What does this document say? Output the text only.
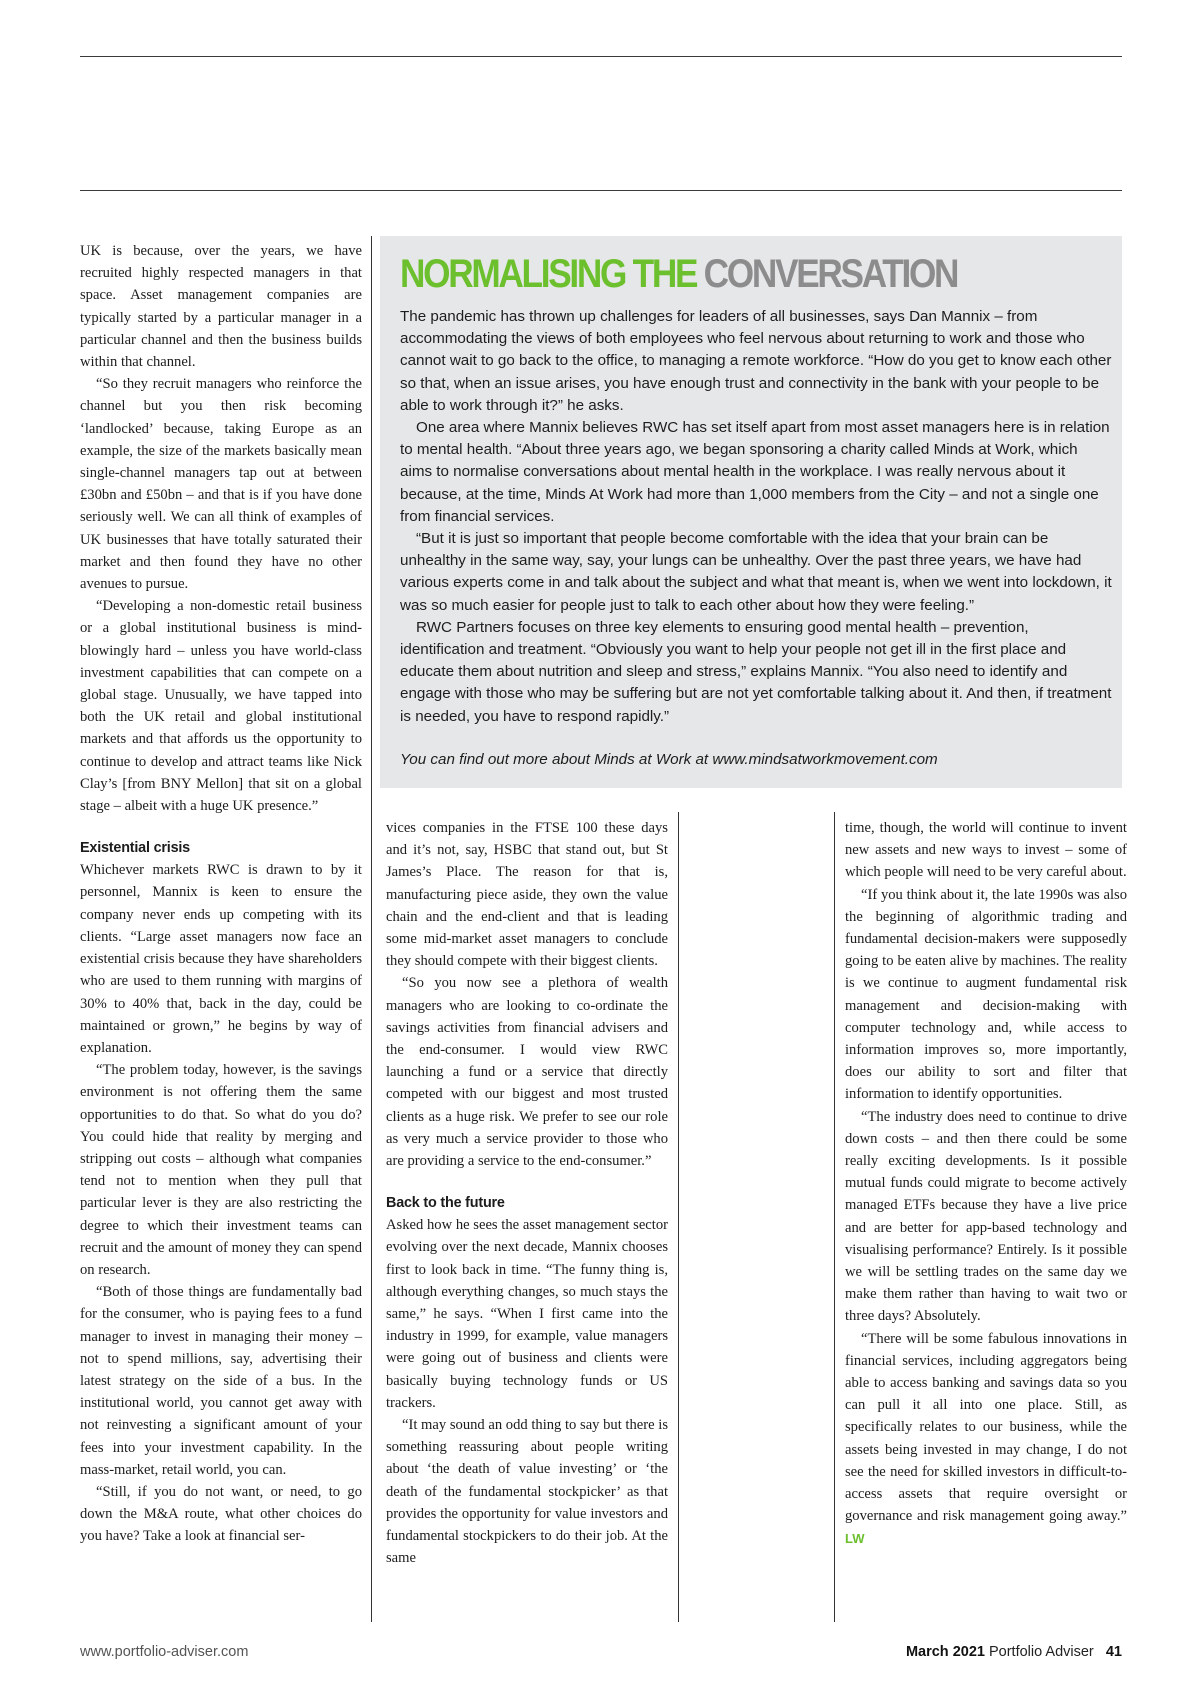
UK is because, over the years, we have recruited highly respected managers in that space. Asset management companies are typically started by a particular manager in a particular channel and then the business builds within that channel.

“So they recruit managers who reinforce the channel but you then risk becoming ‘landlocked’ because, taking Europe as an example, the size of the markets basically mean single-channel managers tap out at between £30bn and £50bn – and that is if you have done seriously well. We can all think of examples of UK businesses that have totally saturated their market and then found they have no other avenues to pursue.

“Developing a non-domestic retail business or a global institutional business is mind-blowingly hard – unless you have world-class investment capabilities that can compete on a global stage. Unusually, we have tapped into both the UK retail and global institutional markets and that affords us the opportunity to continue to develop and attract teams like Nick Clay’s [from BNY Mellon] that sit on a global stage – albeit with a huge UK presence.”

Existential crisis

Whichever markets RWC is drawn to by it personnel, Mannix is keen to ensure the company never ends up competing with its clients. “Large asset managers now face an existential crisis because they have shareholders who are used to them running with margins of 30% to 40% that, back in the day, could be maintained or grown,” he begins by way of explanation.

“The problem today, however, is the savings environment is not offering them the same opportunities to do that. So what do you do? You could hide that reality by merging and stripping out costs – although what companies tend not to mention when they pull that particular lever is they are also restricting the degree to which their investment teams can recruit and the amount of money they can spend on research.

“Both of those things are fundamentally bad for the consumer, who is paying fees to a fund manager to invest in managing their money – not to spend millions, say, advertising their latest strategy on the side of a bus. In the institutional world, you cannot get away with not reinvesting a significant amount of your fees into your investment capability. In the mass-market, retail world, you can.

“Still, if you do not want, or need, to go down the M&A route, what other choices do you have? Take a look at financial ser-

NORMALISING THE CONVERSATION

The pandemic has thrown up challenges for leaders of all businesses, says Dan Mannix – from accommodating the views of both employees who feel nervous about returning to work and those who cannot wait to go back to the office, to managing a remote workforce. “How do you get to know each other so that, when an issue arises, you have enough trust and connectivity in the bank with your people to be able to work through it?” he asks.

One area where Mannix believes RWC has set itself apart from most asset managers here is in relation to mental health. “About three years ago, we began sponsoring a charity called Minds at Work, which aims to normalise conversations about mental health in the workplace. I was really nervous about it because, at the time, Minds At Work had more than 1,000 members from the City – and not a single one from financial services.

“But it is just so important that people become comfortable with the idea that your brain can be unhealthy in the same way, say, your lungs can be unhealthy. Over the past three years, we have had various experts come in and talk about the subject and what that meant is, when we went into lockdown, it was so much easier for people just to talk to each other about how they were feeling.”

RWC Partners focuses on three key elements to ensuring good mental health – prevention, identification and treatment. “Obviously you want to help your people not get ill in the first place and educate them about nutrition and sleep and stress,” explains Mannix. “You also need to identify and engage with those who may be suffering but are not yet comfortable talking about it. And then, if treatment is needed, you have to respond rapidly.”

You can find out more about Minds at Work at www.mindsatworkmovement.com

vices companies in the FTSE 100 these days and it’s not, say, HSBC that stand out, but St James’s Place. The reason for that is, manufacturing piece aside, they own the value chain and the end-client and that is leading some mid-market asset managers to conclude they should compete with their biggest clients.

“So you now see a plethora of wealth managers who are looking to co-ordinate the savings activities from financial advisers and the end-consumer. I would view RWC launching a fund or a service that directly competed with our biggest and most trusted clients as a huge risk. We prefer to see our role as very much a service provider to those who are providing a service to the end-consumer.”

Back to the future

Asked how he sees the asset management sector evolving over the next decade, Mannix chooses first to look back in time. “The funny thing is, although everything changes, so much stays the same,” he says. “When I first came into the industry in 1999, for example, value managers were going out of business and clients were basically buying technology funds or US trackers.

“It may sound an odd thing to say but there is something reassuring about people writing about ‘the death of value investing’ or ‘the death of the fundamental stockpicker’ as that provides the opportunity for value investors and fundamental stockpickers to do their job. At the same

time, though, the world will continue to invent new assets and new ways to invest – some of which people will need to be very careful about.

“If you think about it, the late 1990s was also the beginning of algorithmic trading and fundamental decision-makers were supposedly going to be eaten alive by machines. The reality is we continue to augment fundamental risk management and decision-making with computer technology and, while access to information improves so, more importantly, does our ability to sort and filter that information to identify opportunities.

“The industry does need to continue to drive down costs – and then there could be some really exciting developments. Is it possible mutual funds could migrate to become actively managed ETFs because they have a live price and are better for app-based technology and visualising performance? Entirely. Is it possible we will be settling trades on the same day we make them rather than having to wait two or three days? Absolutely.

“There will be some fabulous innovations in financial services, including aggregators being able to access banking and savings data so you can pull it all into one place. Still, as specifically relates to our business, while the assets being invested in may change, I do not see the need for skilled investors in difficult-to-access assets that require oversight or governance and risk management going away.” LW

www.portfolio-adviser.com	March 2021 Portfolio Adviser 41
